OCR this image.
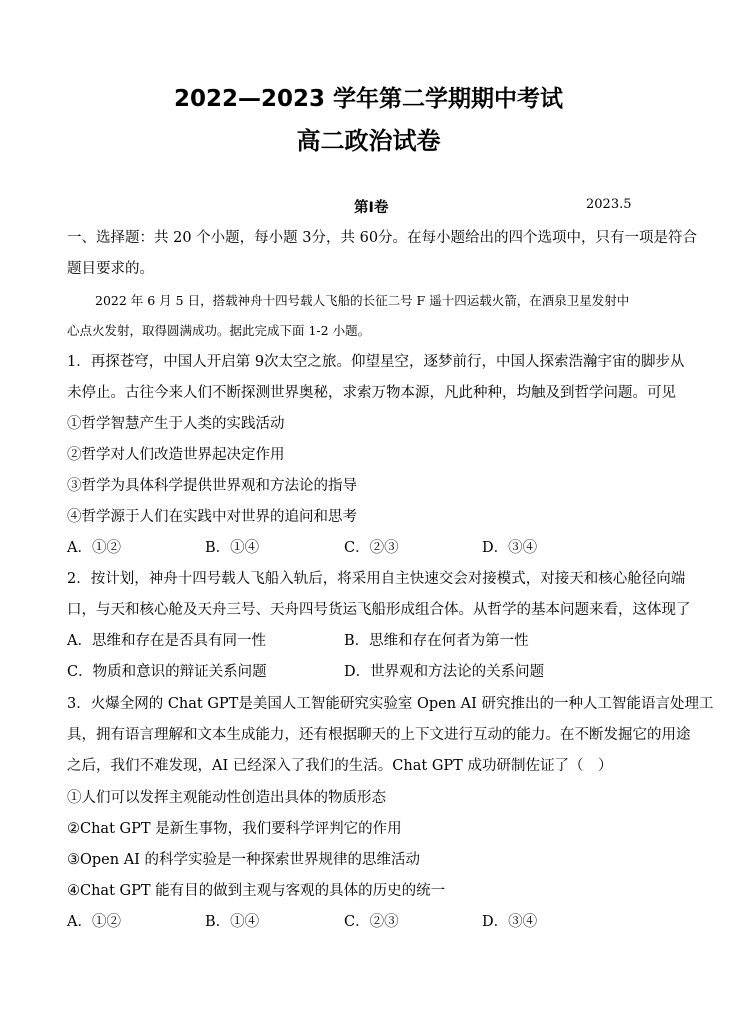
2022—2023 学年第二学期期中考试
高二政治试卷
第Ⅰ卷	2023.5
一、选择题：共 20 个小题，每小题 3分，共 60分。在每小题给出的四个选项中，只有一项是符合
题目要求的。
2022 年 6 月 5 日，搭载神舟十四号载人飞船的长征二号 F 遥十四运载火箭，在酒泉卫星发射中
心点火发射，取得圆满成功。据此完成下面 1-2 小题。
1．再探苍穹，中国人开启第 9次太空之旅。仰望星空，逐梦前行，中国人探索浩瀚宇宙的脚步从
未停止。古往今来人们不断探测世界奥秘，求索万物本源，凡此种种，均触及到哲学问题。可见
①哲学智慧产生于人类的实践活动
②哲学对人们改造世界起决定作用
③哲学为具体科学提供世界观和方法论的指导
④哲学源于人们在实践中对世界的追问和思考
A．①②	B．①④	C．②③	D．③④
2．按计划，神舟十四号载人飞船入轨后，将采用自主快速交会对接模式，对接天和核心舱径向端
口，与天和核心舱及天舟三号、天舟四号货运飞船形成组合体。从哲学的基本问题来看，这体现了
A．思维和存在是否具有同一性	B．思维和存在何者为第一性
C．物质和意识的辩证关系问题	D．世界观和方法论的关系问题
3．火爆全网的 Chat GPT是美国人工智能研究实验室 Open AI 研究推出的一种人工智能语言处理工
具，拥有语言理解和文本生成能力，还有根据聊天的上下文进行互动的能力。在不断发掘它的用途
之后，我们不难发现，AI 已经深入了我们的生活。Chat GPT 成功研制佐证了（　）
①人们可以发挥主观能动性创造出具体的物质形态
②Chat GPT 是新生事物，我们要科学评判它的作用
③Open AI 的科学实验是一种探索世界规律的思维活动
④Chat GPT 能有目的做到主观与客观的具体的历史的统一
A．①②	B．①④	C．②③	D．③④
